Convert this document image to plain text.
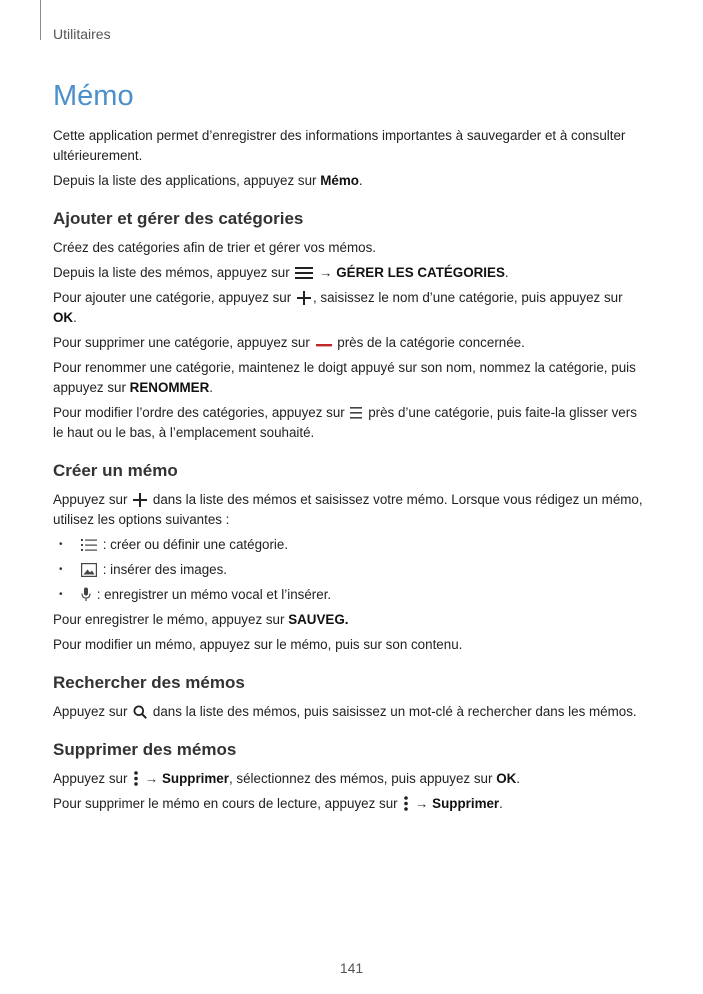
Utilitaires
Mémo

Cette application permet d’enregistrer des informations importantes à sauvegarder et à consulter ultérieurement.

Depuis la liste des applications, appuyez sur Mémo.

Ajouter et gérer des catégories

Créez des catégories afin de trier et gérer vos mémos.

Depuis la liste des mémos, appuyez sur  → GÉRER LES CATÉGORIES.

Pour ajouter une catégorie, appuyez sur , saisissez le nom d’une catégorie, puis appuyez sur OK.

Pour supprimer une catégorie, appuyez sur  près de la catégorie concernée.

Pour renommer une catégorie, maintenez le doigt appuyé sur son nom, nommez la catégorie, puis appuyez sur RENOMMER.

Pour modifier l’ordre des catégories, appuyez sur  près d’une catégorie, puis faite-la glisser vers le haut ou le bas, à l’emplacement souhaité.

Créer un mémo

Appuyez sur  dans la liste des mémos et saisissez votre mémo. Lorsque vous rédigez un mémo, utilisez les options suivantes :

• : créer ou définir une catégorie.
• : insérer des images.
• : enregistrer un mémo vocal et l’insérer.

Pour enregistrer le mémo, appuyez sur SAUVEG.

Pour modifier un mémo, appuyez sur le mémo, puis sur son contenu.

Rechercher des mémos

Appuyez sur  dans la liste des mémos, puis saisissez un mot-clé à rechercher dans les mémos.

Supprimer des mémos

Appuyez sur  → Supprimer, sélectionnez des mémos, puis appuyez sur OK.

Pour supprimer le mémo en cours de lecture, appuyez sur  → Supprimer.

141
